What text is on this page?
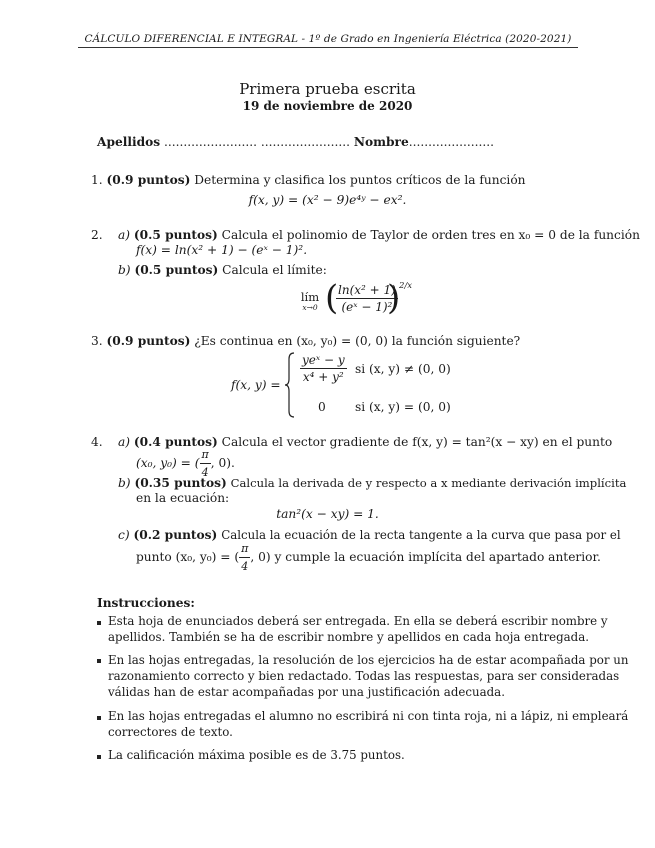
CÁLCULO DIFERENCIAL E INTEGRAL - 1º de Grado en Ingeniería Eléctrica (2020-2021)
Primera prueba escrita
19 de noviembre de 2020
Apellidos ........................ ....................... Nombre......................
1. (0.9 puntos) Determina y clasifica los puntos críticos de la función
f(x, y) = (x² − 9)e⁴ʸ − ex².
2. a) (0.5 puntos) Calcula el polinomio de Taylor de orden tres en x₀ = 0 de la función
f(x) = ln(x² + 1) − (eˣ − 1)².
b) (0.5 puntos) Calcula el límite:
lím
x→0 (
$\frac{\text{ln(x² + 1)}}{\text{(eˣ − 1)²}}$
)
2/x
3. (0.9 puntos) ¿Es continua en (x₀, y₀) = (0, 0) la función siguiente?
f(x, y) =
$\frac{\text{yeˣ − y}}{\text{x⁴ + y²}}$ si (x, y) ≠ (0, 0)
0 si (x, y) = (0, 0)
4. a) (0.4 puntos) Calcula el vector gradiente de f(x, y) = tan²(x − xy) en el punto
(x₀, y₀) = ( $\frac{\pi}{4}$ , 0).
b) (0.35 puntos) Calcula la derivada de y respecto a x mediante derivación implícita
en la ecuación:
tan²(x − xy) = 1.
c) (0.2 puntos) Calcula la ecuación de la recta tangente a la curva que pasa por el
punto (x₀, y₀) = ( $\frac{\pi}{4}$ , 0) y cumple la ecuación implícita del apartado anterior.
Instrucciones:
Esta hoja de enunciados deberá ser entregada. En ella se deberá escribir nombre y
apellidos. También se ha de escribir nombre y apellidos en cada hoja entregada.
En las hojas entregadas, la resolución de los ejercicios ha de estar acompañada por un
razonamiento correcto y bien redactado. Todas las respuestas, para ser consideradas
válidas han de estar acompañadas por una justificación adecuada.
En las hojas entregadas el alumno no escribirá ni con tinta roja, ni a lápiz, ni empleará
correctores de texto.
La calificación máxima posible es de 3.75 puntos.
